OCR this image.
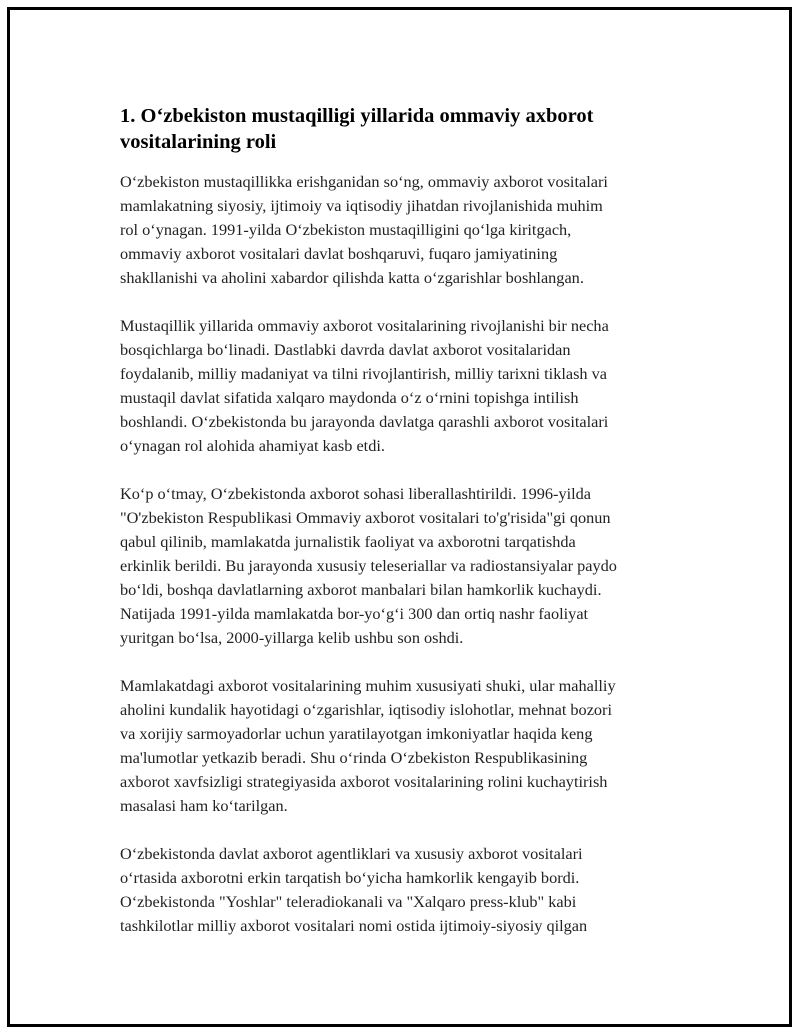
1. O‘zbekiston mustaqilligi yillarida ommaviy axborot
vositalarining roli

O‘zbekiston mustaqillikka erishganidan so‘ng, ommaviy axborot vositalari
mamlakatning siyosiy, ijtimoiy va iqtisodiy jihatdan rivojlanishida muhim
rol o‘ynagan. 1991-yilda O‘zbekiston mustaqilligini qo‘lga kiritgach,
ommaviy axborot vositalari davlat boshqaruvi, fuqaro jamiyatining
shakllanishi va aholini xabardor qilishda katta o‘zgarishlar boshlangan.

Mustaqillik yillarida ommaviy axborot vositalarining rivojlanishi bir necha
bosqichlarga bo‘linadi. Dastlabki davrda davlat axborot vositalaridan
foydalanib, milliy madaniyat va tilni rivojlantirish, milliy tarixni tiklash va
mustaqil davlat sifatida xalqaro maydonda o‘z o‘rnini topishga intilish
boshlandi. O‘zbekistonda bu jarayonda davlatga qarashli axborot vositalari
o‘ynagan rol alohida ahamiyat kasb etdi.

Ko‘p o‘tmay, O‘zbekistonda axborot sohasi liberallashtirildi. 1996-yilda
"O'zbekiston Respublikasi Ommaviy axborot vositalari to'g'risida"gi qonun
qabul qilinib, mamlakatda jurnalistik faoliyat va axborotni tarqatishda
erkinlik berildi. Bu jarayonda xususiy teleseriallar va radiostansiyalar paydo
bo‘ldi, boshqa davlatlarning axborot manbalari bilan hamkorlik kuchaydi.
Natijada 1991-yilda mamlakatda bor-yo‘g‘i 300 dan ortiq nashr faoliyat
yuritgan bo‘lsa, 2000-yillarga kelib ushbu son oshdi.

Mamlakatdagi axborot vositalarining muhim xususiyati shuki, ular mahalliy
aholini kundalik hayotidagi o‘zgarishlar, iqtisodiy islohotlar, mehnat bozori
va xorijiy sarmoyadorlar uchun yaratilayotgan imkoniyatlar haqida keng
ma'lumotlar yetkazib beradi. Shu o‘rinda O‘zbekiston Respublikasining
axborot xavfsizligi strategiyasida axborot vositalarining rolini kuchaytirish
masalasi ham ko‘tarilgan.

O‘zbekistonda davlat axborot agentliklari va xususiy axborot vositalari
o‘rtasida axborotni erkin tarqatish bo‘yicha hamkorlik kengayib bordi.
O‘zbekistonda "Yoshlar" teleradiokanali va "Xalqaro press-klub" kabi
tashkilotlar milliy axborot vositalari nomi ostida ijtimoiy-siyosiy qilgan
